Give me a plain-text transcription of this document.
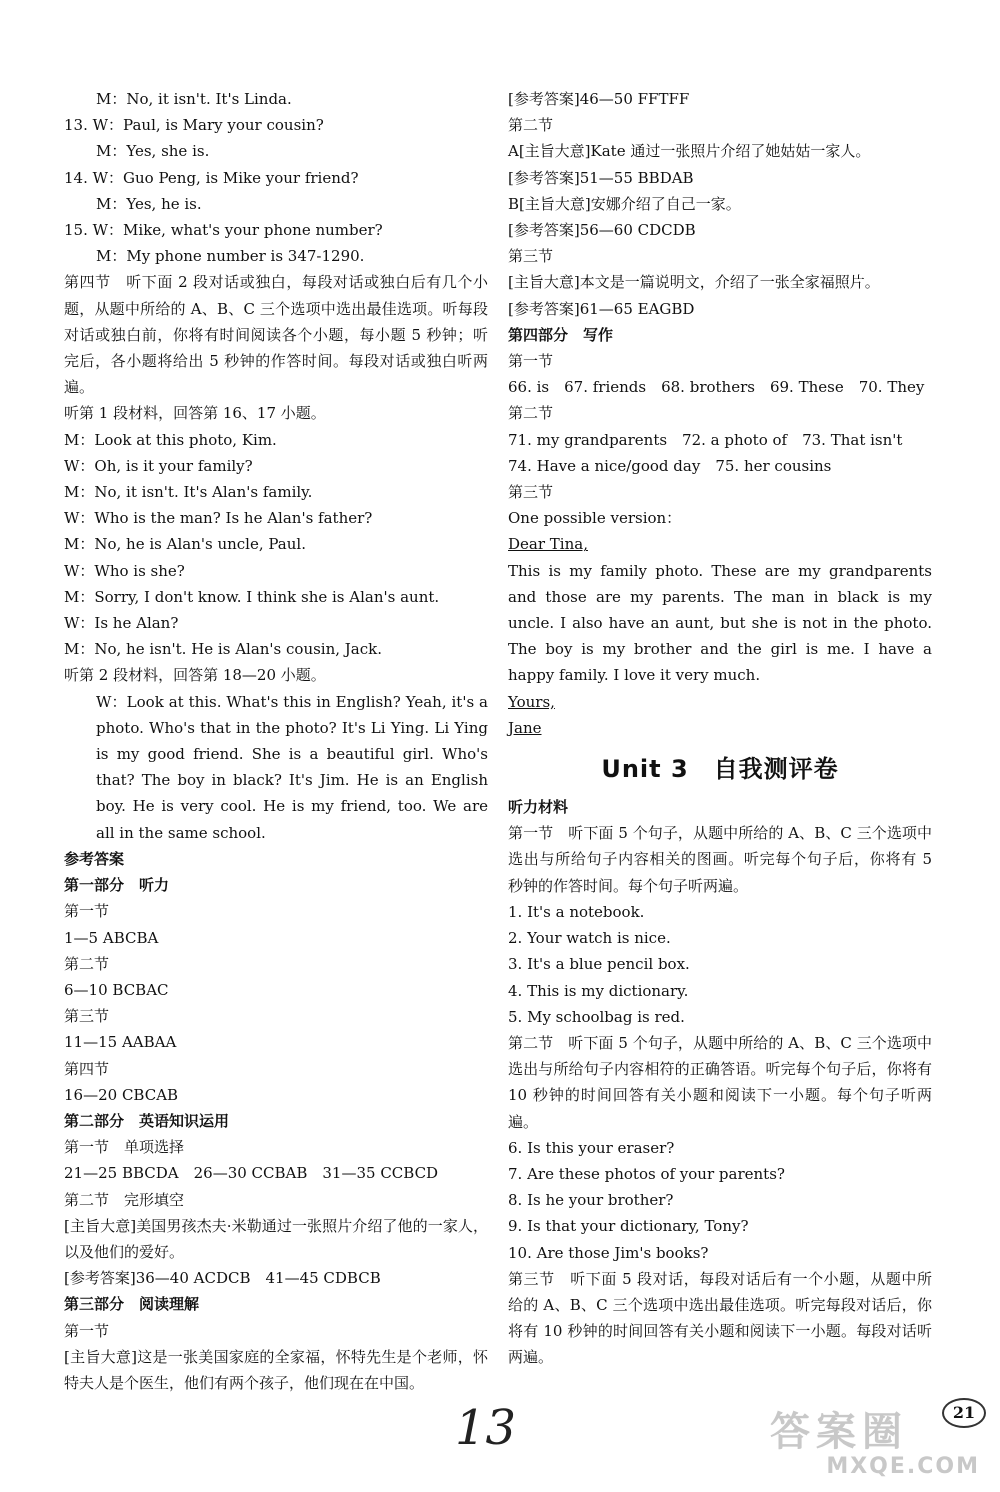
M：No, it isn't. It's Linda.
13. W：Paul, is Mary your cousin?
M：Yes, she is.
14. W：Guo Peng, is Mike your friend?
M：Yes, he is.
15. W：Mike, what's your phone number?
M：My phone number is 347-1290.
第四节　听下面 2 段对话或独白，每段对话或独白后有几个小题，从题中所给的 A、B、C 三个选项中选出最佳选项。听每段对话或独白前，你将有时间阅读各个小题，每小题 5 秒钟；听完后，各小题将给出 5 秒钟的作答时间。每段对话或独白听两遍。
听第 1 段材料，回答第 16、17 小题。
M：Look at this photo, Kim.
W：Oh, is it your family?
M：No, it isn't. It's Alan's family.
W：Who is the man? Is he Alan's father?
M：No, he is Alan's uncle, Paul.
W：Who is she?
M：Sorry, I don't know. I think she is Alan's aunt.
W：Is he Alan?
M：No, he isn't. He is Alan's cousin, Jack.
听第 2 段材料，回答第 18—20 小题。
W：Look at this. What's this in English? Yeah, it's a photo. Who's that in the photo? It's Li Ying. Li Ying is my good friend. She is a beautiful girl. Who's that? The boy in black? It's Jim. He is an English boy. He is very cool. He is my friend, too. We are all in the same school.
参考答案
第一部分　听力
第一节
1—5 ABCBA
第二节
6—10 BCBAC
第三节
11—15 AABAA
第四节
16—20 CBCAB
第二部分　英语知识运用
第一节　单项选择
21—25 BBCDA　26—30 CCBAB　31—35 CCBCD
第二节　完形填空
[主旨大意]美国男孩杰夫·米勒通过一张照片介绍了他的一家人，以及他们的爱好。
[参考答案]36—40 ACDCB　41—45 CDBCB
第三部分　阅读理解
第一节
[主旨大意]这是一张美国家庭的全家福，怀特先生是个老师，怀特夫人是个医生，他们有两个孩子，他们现在在中国。
[参考答案]46—50 FFTFF
第二节
A[主旨大意]Kate 通过一张照片介绍了她姑姑一家人。
[参考答案]51—55 BBDAB
B[主旨大意]安娜介绍了自己一家。
[参考答案]56—60 CDCDB
第三节
[主旨大意]本文是一篇说明文，介绍了一张全家福照片。
[参考答案]61—65 EAGBD
第四部分　写作
第一节
66. is　67. friends　68. brothers　69. These　70. They
第二节
71. my grandparents　72. a photo of　73. That isn't
74. Have a nice/good day　75. her cousins
第三节
One possible version：
Dear Tina,
This is my family photo. These are my grandparents and those are my parents. The man in black is my uncle. I also have an aunt, but she is not in the photo. The boy is my brother and the girl is me. I have a happy family. I love it very much.
Yours,
Jane
Unit 3　自我测评卷
听力材料
第一节　听下面 5 个句子，从题中所给的 A、B、C 三个选项中选出与所给句子内容相关的图画。听完每个句子后，你将有 5 秒钟的作答时间。每个句子听两遍。
1. It's a notebook.
2. Your watch is nice.
3. It's a blue pencil box.
4. This is my dictionary.
5. My schoolbag is red.
第二节　听下面 5 个句子，从题中所给的 A、B、C 三个选项中选出与所给句子内容相符的正确答语。听完每个句子后，你将有 10 秒钟的时间回答有关小题和阅读下一小题。每个句子听两遍。
6. Is this your eraser?
7. Are these photos of your parents?
8. Is he your brother?
9. Is that your dictionary, Tony?
10. Are those Jim's books?
第三节　听下面 5 段对话，每段对话后有一个小题，从题中所给的 A、B、C 三个选项中选出最佳选项。听完每段对话后，你将有 10 秒钟的时间回答有关小题和阅读下一小题。每段对话听两遍。
13	21
答案圈
MXQE.COM
